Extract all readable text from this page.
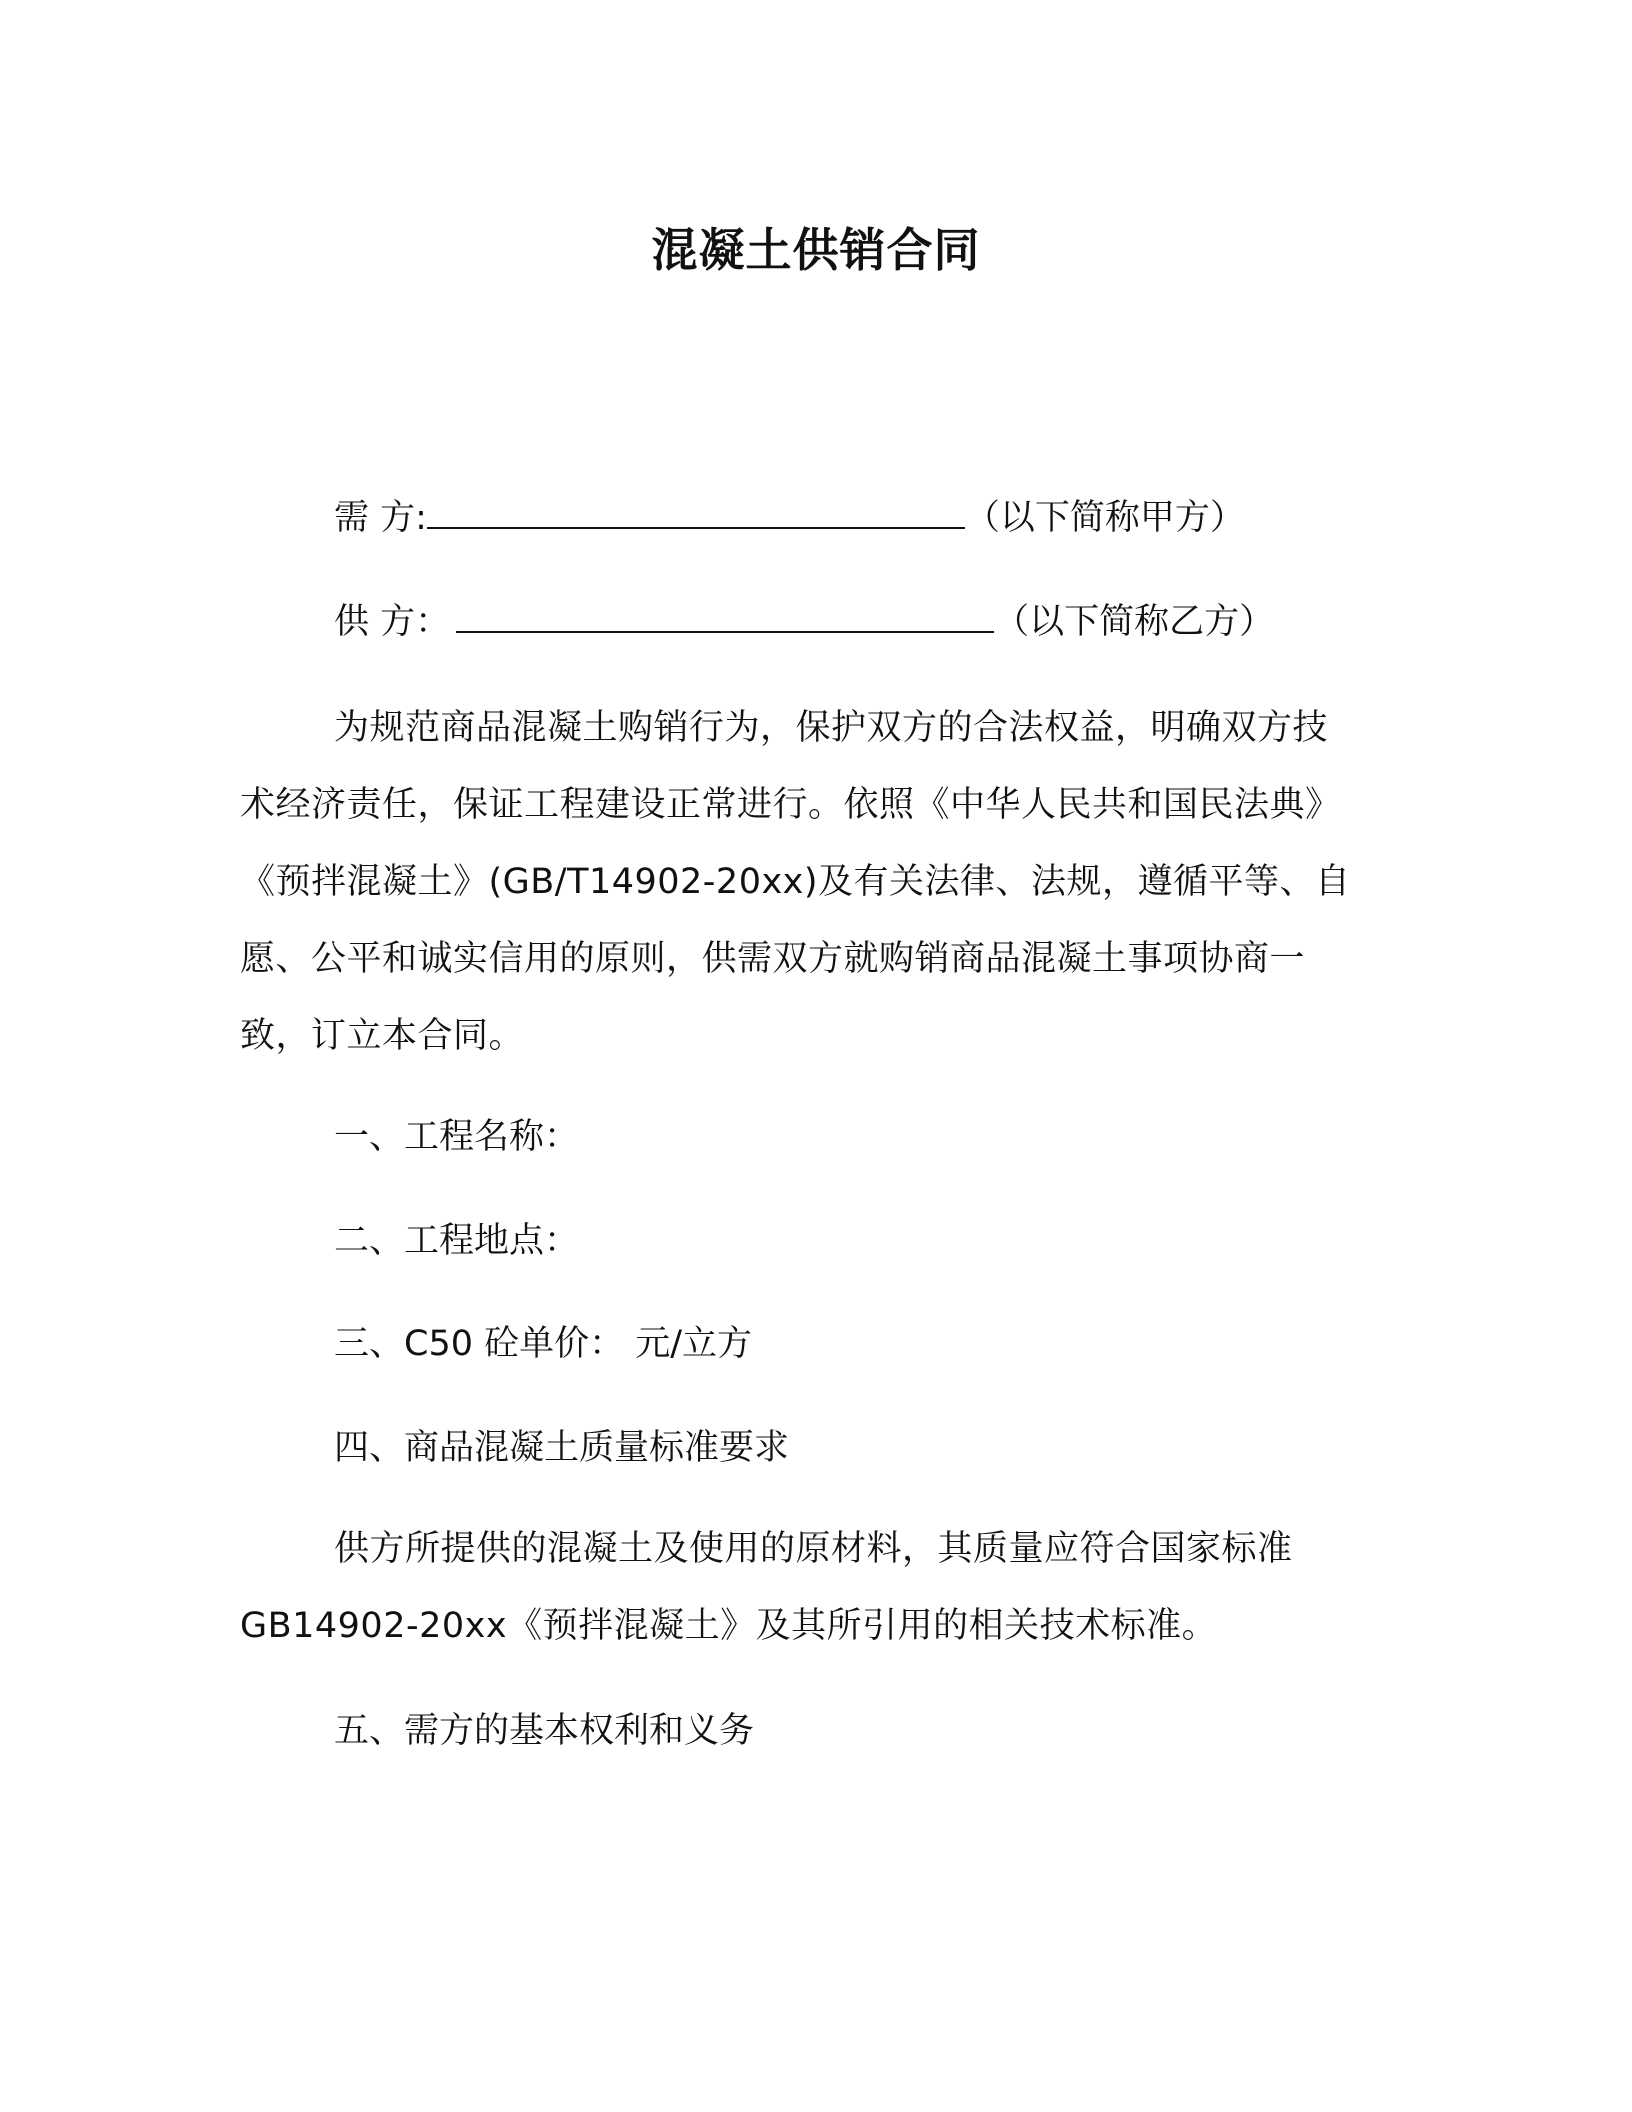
混凝土供销合同
需 方:	（以下简称甲方）
供 方：	（以下简称乙方）
为规范商品混凝土购销行为，保护双方的合法权益，明确双方技
术经济责任，保证工程建设正常进行。依照《中华人民共和国民法典》
《预拌混凝土》(GB/T14902-20xx)及有关法律、法规，遵循平等、自
愿、公平和诚实信用的原则，供需双方就购销商品混凝土事项协商一
致，订立本合同。
一、工程名称：
二、工程地点：
三、C50 砼单价： 元/立方
四、商品混凝土质量标准要求
供方所提供的混凝土及使用的原材料，其质量应符合国家标准
GB14902-20xx《预拌混凝土》及其所引用的相关技术标准。
五、需方的基本权利和义务
